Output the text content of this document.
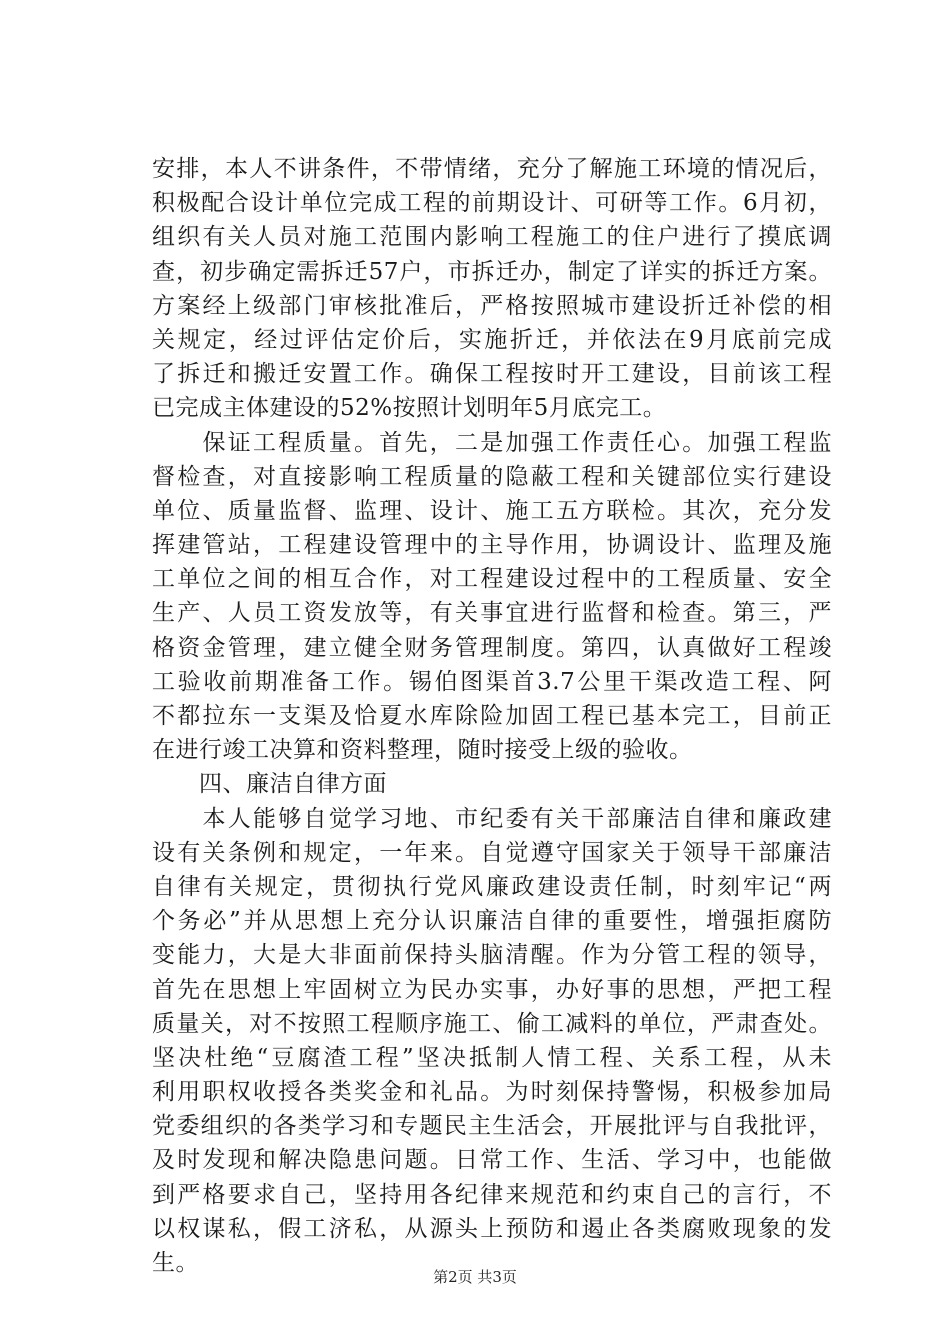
安排，本人不讲条件，不带情绪，充分了解施工环境的情况后，
积极配合设计单位完成工程的前期设计、可研等工作。6月初，
组织有关人员对施工范围内影响工程施工的住户进行了摸底调
查，初步确定需拆迁57户，市拆迁办，制定了详实的拆迁方案。
方案经上级部门审核批准后，严格按照城市建设折迁补偿的相
关规定，经过评估定价后，实施折迁，并依法在9月底前完成
了拆迁和搬迁安置工作。确保工程按时开工建设，目前该工程
已完成主体建设的52%按照计划明年5月底完工。
　　保证工程质量。首先，二是加强工作责任心。加强工程监
督检查，对直接影响工程质量的隐蔽工程和关键部位实行建设
单位、质量监督、监理、设计、施工五方联检。其次，充分发
挥建管站，工程建设管理中的主导作用，协调设计、监理及施
工单位之间的相互合作，对工程建设过程中的工程质量、安全
生产、人员工资发放等，有关事宜进行监督和检查。第三，严
格资金管理，建立健全财务管理制度。第四，认真做好工程竣
工验收前期准备工作。锡伯图渠首3.7公里干渠改造工程、阿
不都拉东一支渠及恰夏水库除险加固工程已基本完工，目前正
在进行竣工决算和资料整理，随时接受上级的验收。
　　四、廉洁自律方面
　　本人能够自觉学习地、市纪委有关干部廉洁自律和廉政建
设有关条例和规定，一年来。自觉遵守国家关于领导干部廉洁
自律有关规定，贯彻执行党风廉政建设责任制，时刻牢记“两
个务必”并从思想上充分认识廉洁自律的重要性，增强拒腐防
变能力，大是大非面前保持头脑清醒。作为分管工程的领导，
首先在思想上牢固树立为民办实事，办好事的思想，严把工程
质量关，对不按照工程顺序施工、偷工减料的单位，严肃查处。
坚决杜绝“豆腐渣工程”坚决抵制人情工程、关系工程，从未
利用职权收授各类奖金和礼品。为时刻保持警惕，积极参加局
党委组织的各类学习和专题民主生活会，开展批评与自我批评，
及时发现和解决隐患问题。日常工作、生活、学习中，也能做
到严格要求自己，坚持用各纪律来规范和约束自己的言行，不
以权谋私，假工济私，从源头上预防和遏止各类腐败现象的发
生。
第2页 共3页
